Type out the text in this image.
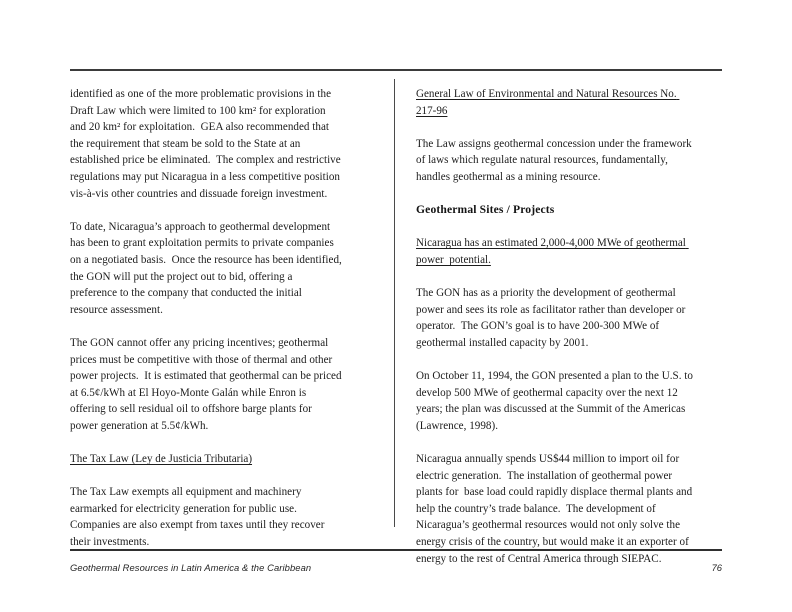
identified as one of the more problematic provisions in the Draft Law which were limited to 100 km² for exploration and 20 km² for exploitation.  GEA also recommended that the requirement that steam be sold to the State at an established price be eliminated.  The complex and restrictive regulations may put Nicaragua in a less competitive position vis-à-vis other countries and dissuade foreign investment.
To date, Nicaragua’s approach to geothermal development has been to grant exploitation permits to private companies on a negotiated basis.  Once the resource has been identified, the GON will put the project out to bid, offering a preference to the company that conducted the initial resource assessment.
The GON cannot offer any pricing incentives; geothermal prices must be competitive with those of thermal and other power projects.  It is estimated that geothermal can be priced at 6.5¢/kWh at El Hoyo-Monte Galán while Enron is offering to sell residual oil to offshore barge plants for power generation at 5.5¢/kWh.
The Tax Law (Ley de Justicia Tributaria)
The Tax Law exempts all equipment and machinery earmarked for electricity generation for public use.  Companies are also exempt from taxes until they recover their investments.
General Law of Environmental and Natural Resources No. 217-96
The Law assigns geothermal concession under the framework of laws which regulate natural resources, fundamentally, handles geothermal as a mining resource.
Geothermal Sites / Projects
Nicaragua has an estimated 2,000-4,000 MWe of geothermal power  potential.
The GON has as a priority the development of geothermal power and sees its role as facilitator rather than developer or operator.  The GON’s goal is to have 200-300 MWe of geothermal installed capacity by 2001.
On October 11, 1994, the GON presented a plan to the U.S. to develop 500 MWe of geothermal capacity over the next 12 years; the plan was discussed at the Summit of the Americas (Lawrence, 1998).
Nicaragua annually spends US$44 million to import oil for electric generation.  The installation of geothermal power plants for  base load could rapidly displace thermal plants and help the country’s trade balance.  The development of Nicaragua’s geothermal resources would not only solve the energy crisis of the country, but would make it an exporter of energy to the rest of Central America through SIEPAC.
Geothermal Resources in Latin America & the Caribbean	76
